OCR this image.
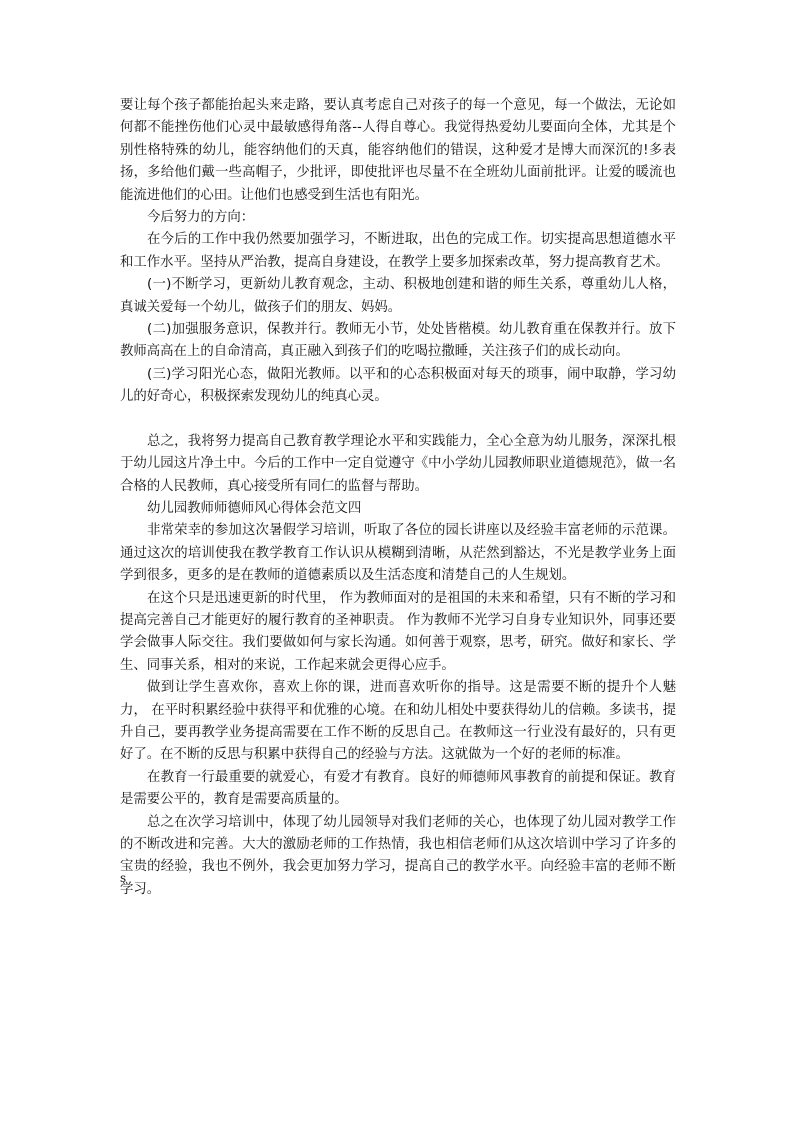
要让每个孩子都能抬起头来走路，要认真考虑自己对孩子的每一个意见，每一个做法，无论如何都不能挫伤他们心灵中最敏感得角落--人得自尊心。我觉得热爱幼儿要面向全体，尤其是个别性格特殊的幼儿，能容纳他们的天真，能容纳他们的错误，这种爱才是博大而深沉的!多表扬，多给他们戴一些高帽子，少批评，即使批评也尽量不在全班幼儿面前批评。让爱的暖流也能流进他们的心田。让他们也感受到生活也有阳光。

今后努力的方向：

在今后的工作中我仍然要加强学习，不断进取，出色的完成工作。切实提高思想道德水平和工作水平。坚持从严治教，提高自身建设，在教学上要多加探索改革，努力提高教育艺术。

(一)不断学习，更新幼儿教育观念，主动、积极地创建和谐的师生关系，尊重幼儿人格，真诚关爱每一个幼儿，做孩子们的朋友、妈妈。

(二)加强服务意识，保教并行。教师无小节，处处皆楷模。幼儿教育重在保教并行。放下教师高高在上的自命清高，真正融入到孩子们的吃喝拉撒睡，关注孩子们的成长动向。

(三)学习阳光心态，做阳光教师。以平和的心态积极面对每天的琐事，闹中取静，学习幼儿的好奇心，积极探索发现幼儿的纯真心灵。

总之，我将努力提高自己教育教学理论水平和实践能力，全心全意为幼儿服务，深深扎根于幼儿园这片净土中。今后的工作中一定自觉遵守《中小学幼儿园教师职业道德规范》，做一名合格的人民教师，真心接受所有同仁的监督与帮助。

幼儿园教师师德师风心得体会范文四

非常荣幸的参加这次暑假学习培训，听取了各位的园长讲座以及经验丰富老师的示范课。通过这次的培训使我在教学教育工作认识从模糊到清晰，从茫然到豁达，不光是教学业务上面学到很多，更多的是在教师的道德素质以及生活态度和清楚自己的人生规划。

在这个只是迅速更新的时代里， 作为教师面对的是祖国的未来和希望，只有不断的学习和提高完善自己才能更好的履行教育的圣神职责。 作为教师不光学习自身专业知识外，同事还要学会做事人际交往。我们要做如何与家长沟通。如何善于观察，思考，研究。做好和家长、学生、同事关系，相对的来说，工作起来就会更得心应手。

做到让学生喜欢你，喜欢上你的课，进而喜欢听你的指导。这是需要不断的提升个人魅力， 在平时积累经验中获得平和优雅的心境。在和幼儿相处中要获得幼儿的信赖。多读书，提升自己，要再教学业务提高需要在工作不断的反思自己。在教师这一行业没有最好的，只有更好了。在不断的反思与积累中获得自己的经验与方法。这就做为一个好的老师的标准。

在教育一行最重要的就爱心，有爱才有教育。良好的师德师风事教育的前提和保证。教育是需要公平的，教育是需要高质量的。

总之在次学习培训中，体现了幼儿园领导对我们老师的关心，也体现了幼儿园对教学工作的不断改进和完善。大大的激励老师的工作热情，我也相信老师们从这次培训中学习了许多的宝贵的经验，我也不例外，我会更加努力学习，提高自己的教学水平。向经验丰富的老师不断学习。

s
